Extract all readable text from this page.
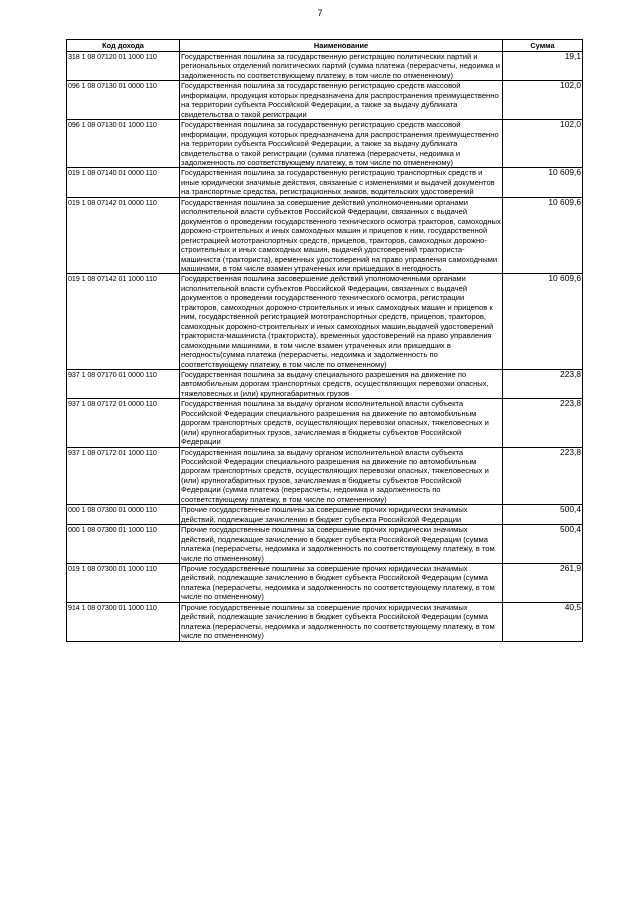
7
Код дохода	Наименование	Сумма
318 1 08 07120 01 1000 110	Государственная пошлина за государственную регистрацию политических партий и региональных отделений политических партий (сумма платежа (перерасчеты, недоимка и задолженность по соответствующему платежу, в том числе по отмененному)	19,1
096 1 08 07130 01 0000 110	Государственная пошлина за государственную регистрацию средств массовой информации, продукция которых предназначена для распространения преимущественно на территории субъекта Российской Федерации, а также за выдачу дубликата свидетельства о такой регистрации	102,0
096 1 08 07130 01 1000 110	Государственная пошлина за государственную регистрацию средств массовой информации, продукция которых предназначена для распространения преимущественно на территории субъекта Российской Федерации, а также за выдачу дубликата свидетельства о такой регистрации (сумма платежа (перерасчеты, недоимка и задолженность по соответствующему платежу, в том числе по отмененному)	102,0
019 1 08 07140 01 0000 110	Государственная пошлина за государственную регистрацию транспортных средств и иные юридически значимые действия, связанные с изменениями и выдачей документов на транспортные средства, регистрационных знаков, водительских удостоверений	10 609,6
019 1 08 07142 01 0000 110	Государственная пошлина за совершение действий уполномоченными органами исполнительной власти субъектов Российской Федерации, связанных с выдачей документов о проведении государственного технического осмотра тракторов, самоходных дорожно-строительных и иных самоходных машин и прицепов к ним, государственной регистрацией мототранспортных средств, прицепов, тракторов, самоходных дорожно-строительных и иных самоходных машин, выдачей удостоверений тракториста-машиниста (тракториста), временных удостоверений на право управления самоходными машинами, в том числе взамен утраченных или пришедших в негодность	10 609,6
019 1 08 07142 01 1000 110	Государственная пошлина засовершение действий уполномоченными органами исполнительной власти субъектов Российской Федерации, связанных с выдачей документов о проведении государственного технического осмотра, регистрации тракторов, самоходных дорожно-строительных и иных самоходных машин и прицепов к ним, государственной регистрацией мототранспортных средств, прицепов, тракторов, самоходных дорожно-строительных и иных самоходных машин,выдачей удостоверений тракториста-машиниста (тракториста), временных удостоверений на право управления самоходными машинами, в том числе взамен утраченных или пришедших в негодность(сумма платежа (перерасчеты, недоимка и задолженность по соответствующему платежу, в том числе по отмененному)	10 609,6
937 1 08 07170 01 0000 110	Государственная пошлина за выдачу специального разрешения на движение по автомобильным дорогам транспортных средств, осуществляющих перевозки опасных, тяжеловесных и (или) крупногабаритных грузов	223,8
937 1 08 07172 01 0000 110	Государственная пошлина за выдачу органом исполнительной власти субъекта Российской Федерации специального разрешения на движение по автомобильным дорогам транспортных средств, осуществляющих перевозки опасных, тяжеловесных и (или) крупногабаритных грузов, зачисляемая в бюджеты субъектов Российской Федерации	223,8
937 1 08 07172 01 1000 110	Государственная пошлина за выдачу органом исполнительной власти субъекта Российской Федерации специального разрешения на движение по автомобильным дорогам транспортных средств, осуществляющих перевозки опасных, тяжеловесных и (или) крупногабаритных грузов, зачисляемая в бюджеты субъектов Российской Федерации (сумма платежа (перерасчеты, недоимка и задолженность по соответствующему платежу, в том числе по отмененному)	223,8
000 1 08 07300 01 0000 110	Прочие государственные пошлины за совершение прочих юридически значимых действий, подлежащие зачислению в бюджет субъекта Российской Федерации	500,4
000 1 08 07300 01 1000 110	Прочие государственные пошлины за совершение прочих юридически значимых действий, подлежащие зачислению в бюджет субъекта Российской Федерации (сумма платежа (перерасчеты, недоимка и задолженность по соответствующему платежу, в том числе по отмененному)	500,4
019 1 08 07300 01 1000 110	Прочие государственные пошлины за совершение прочих юридически значимых действий, подлежащие зачислению в бюджет субъекта Российской Федерации (сумма платежа (перерасчеты, недоимка и задолженность по соответствующему платежу, в том числе по отмененному)	261,9
914 1 08 07300 01 1000 110	Прочие государственные пошлины за совершение прочих юридически значимых действий, подлежащие зачислению в бюджет субъекта Российской Федерации (сумма платежа (перерасчеты, недоимка и задолженность по соответствующему платежу, в том числе по отмененному)	40,5
